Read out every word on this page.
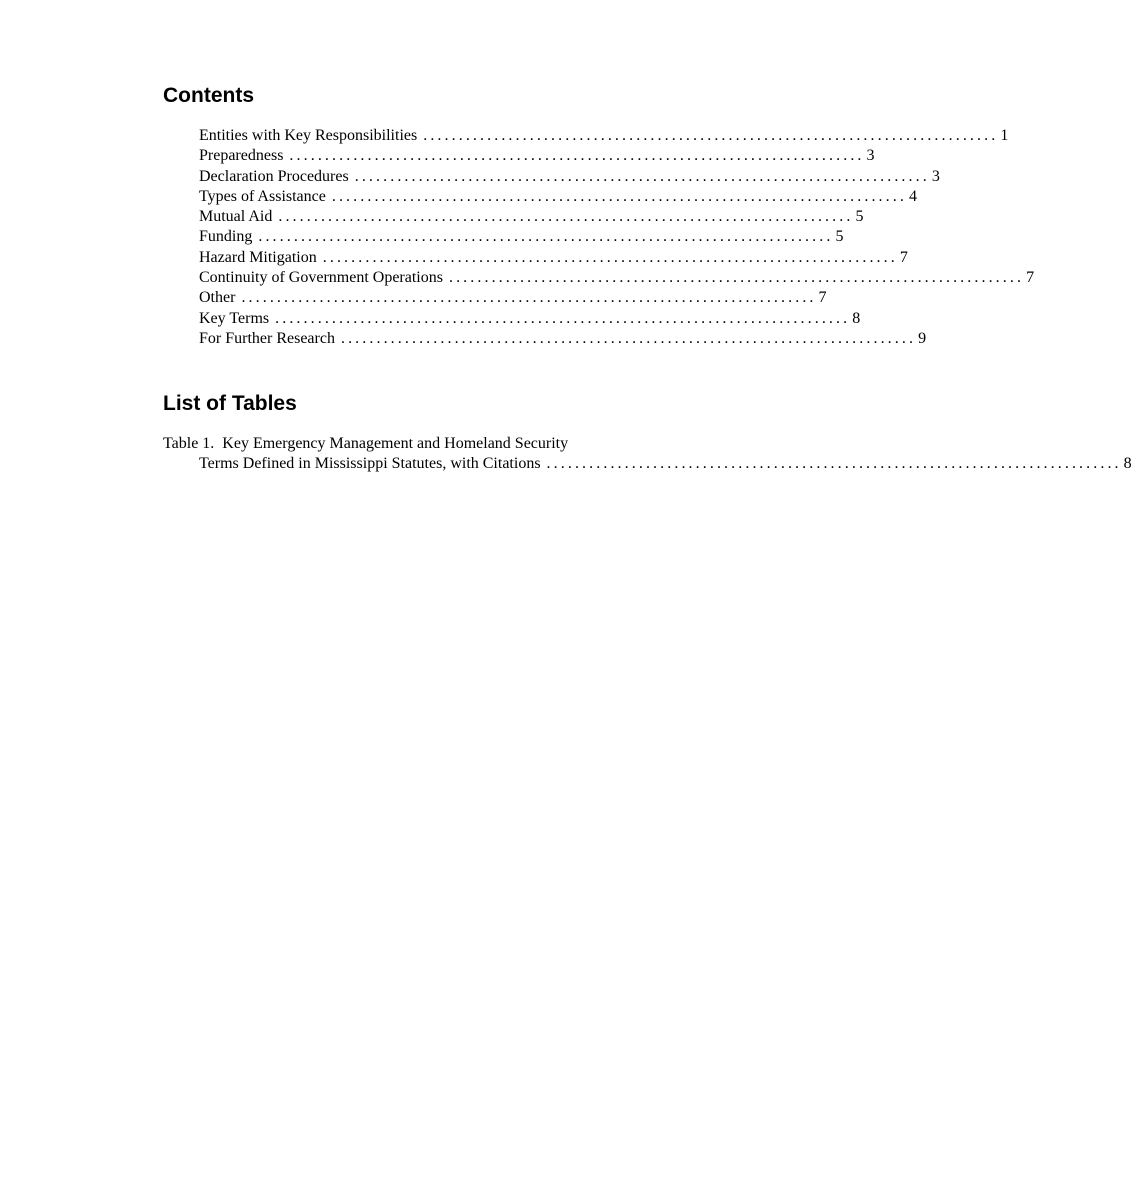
Contents
Entities with Key Responsibilities ................................................................................. 1
Preparedness ................................................................................. 3
Declaration Procedures ................................................................................. 3
Types of Assistance ................................................................................. 4
Mutual Aid ................................................................................. 5
Funding ................................................................................. 5
Hazard Mitigation ................................................................................. 7
Continuity of Government Operations ................................................................................. 7
Other ................................................................................. 7
Key Terms ................................................................................. 8
For Further Research ................................................................................. 9
List of Tables
Table 1.  Key Emergency Management and Homeland Security
Terms Defined in Mississippi Statutes, with Citations ................................................................................. 8
